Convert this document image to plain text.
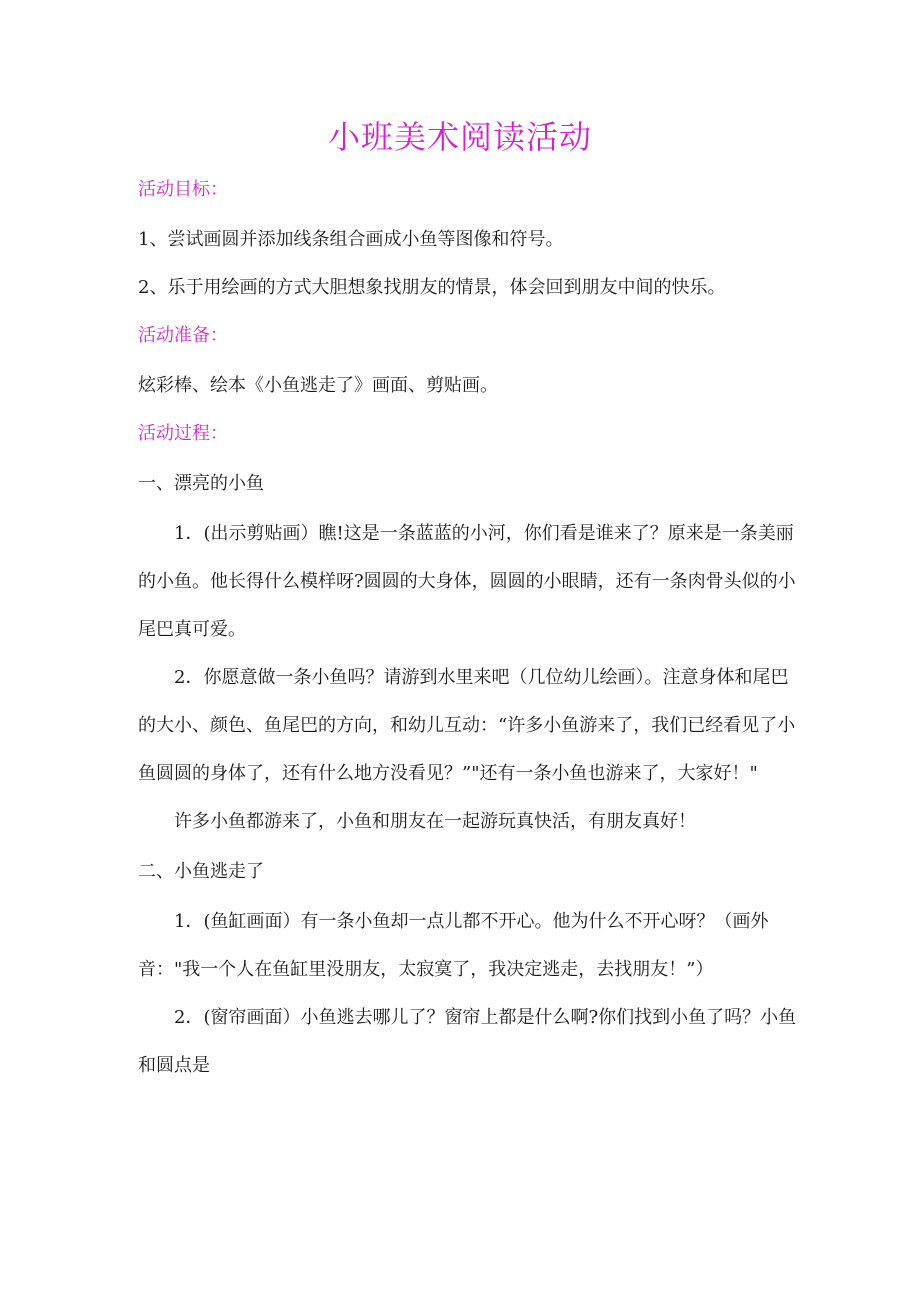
小班美术阅读活动

活动目标：

1、尝试画圆并添加线条组合画成小鱼等图像和符号。

2、乐于用绘画的方式大胆想象找朋友的情景，体会回到朋友中间的快乐。

活动准备：

炫彩棒、绘本《小鱼逃走了》画面、剪贴画。

活动过程：

一、漂亮的小鱼

1．(出示剪贴画）瞧!这是一条蓝蓝的小河，你们看是谁来了？原来是一条美丽的小鱼。他长得什么模样呀?圆圆的大身体，圆圆的小眼睛，还有一条肉骨头似的小尾巴真可爱。

2．你愿意做一条小鱼吗？请游到水里来吧（几位幼儿绘画）。注意身体和尾巴的大小、颜色、鱼尾巴的方向，和幼儿互动：“许多小鱼游来了，我们已经看见了小鱼圆圆的身体了，还有什么地方没看见？”"还有一条小鱼也游来了，大家好！"

许多小鱼都游来了，小鱼和朋友在一起游玩真快活，有朋友真好！

二、小鱼逃走了

1．(鱼缸画面）有一条小鱼却一点儿都不开心。他为什么不开心呀？（画外音："我一个人在鱼缸里没朋友，太寂寞了，我决定逃走，去找朋友！”）

2．(窗帘画面）小鱼逃去哪儿了？窗帘上都是什么啊?你们找到小鱼了吗？小鱼和圆点是
